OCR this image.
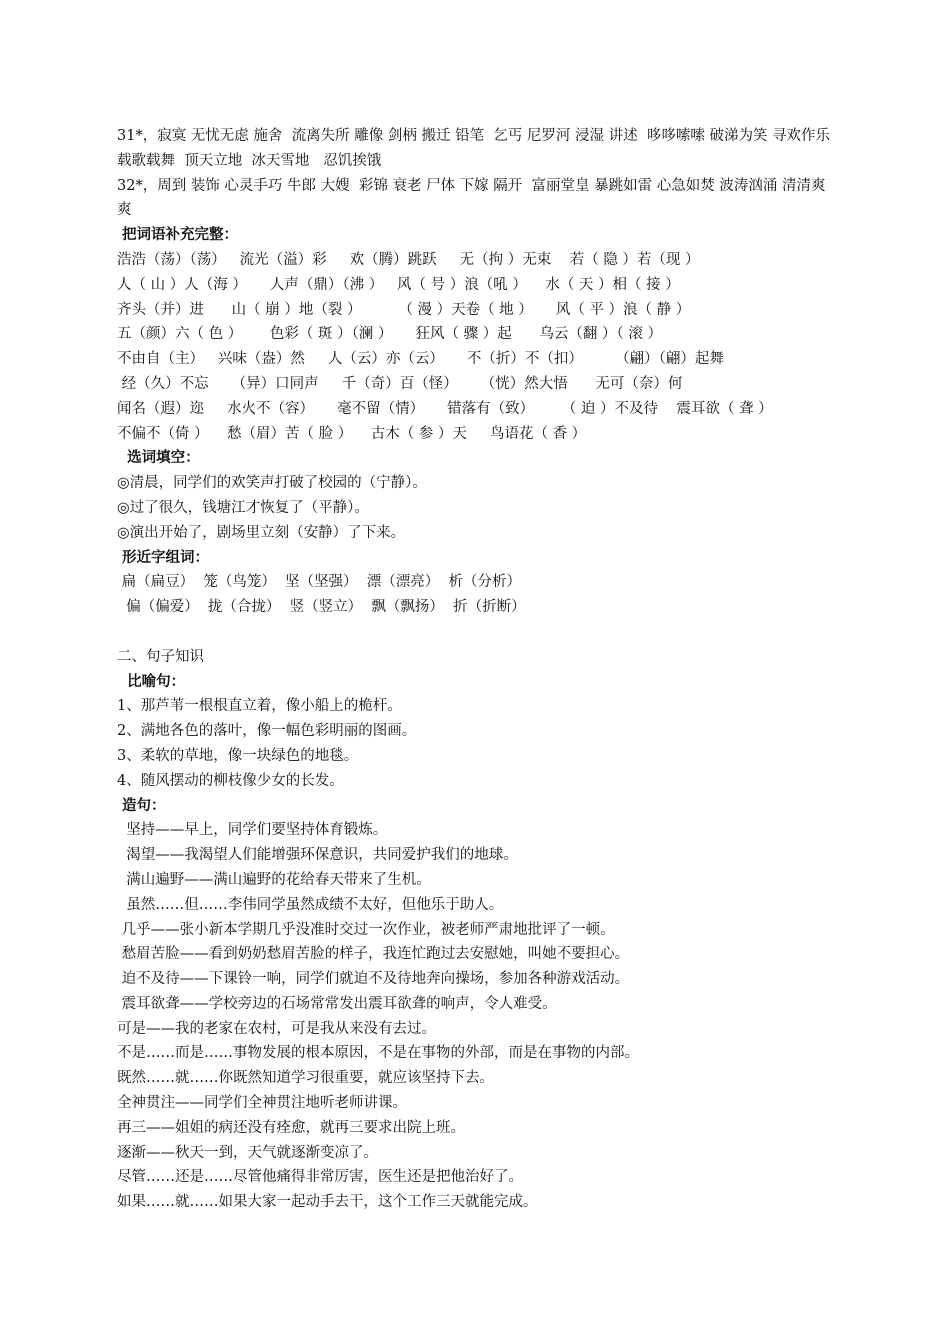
31*，寂寞 无忧无虑 施舍  流离失所 雕像 剑柄 搬迁 铅笔  乞丐 尼罗河 浸湿 讲述  哆哆嗦嗦 破涕为笑 寻欢作乐  载歌载舞  顶天立地  冰天雪地   忍饥挨饿
32*，周到 装饰 心灵手巧 牛郎 大嫂  彩锦 衰老 尸体 下嫁 隔开  富丽堂皇 暴跳如雷 心急如焚 波涛汹涌 清清爽爽
把词语补充完整：
浩浩（荡）（荡）   流光（溢）彩     欢（腾）跳跃     无（拘 ）无束    若（ 隐 ）若（现 ）
人（ 山 ）人（海 ）     人声（鼎）（沸 ）   风（ 号 ）浪（吼 ）    水（ 天 ）相（ 接 ）
齐头（并）进      山（ 崩 ）地（裂 ）        （ 漫 ）天卷（ 地 ）     风（ 平 ）浪（ 静 ）
五（颜）六（ 色 ）      色彩（ 斑 ）（澜 ）     狂风（ 骤 ）起      乌云（翻 ）（ 滚 ）
不由自（主）   兴味（盎）然     人（云）亦（云）     不（折）不（扣）       （翩）（翩）起舞
经（久）不忘     （异）口同声     千（奇）百（怪）     （恍）然大悟      无可（奈）何
闻名（遐）迩     水火不（容）     毫不留（情）     错落有（致）      （ 迫 ）不及待    震耳欲（ 聋 ）
不偏不（倚 ）    愁（眉）苦（ 脸 ）    古木（ 参 ）天     鸟语花（ 香 ）
选词填空：
◎清晨，同学们的欢笑声打破了校园的（宁静）。
◎过了很久，钱塘江才恢复了（平静）。
◎演出开始了，剧场里立刻（安静）了下来。
形近字组词：
扁（扁豆）  笼（鸟笼）  坚（坚强）  漂（漂亮）  析（分析）
偏（偏爱）  拢（合拢）  竖（竖立）  飘（飘扬）  折（折断）
二、句子知识
比喻句：
1、那芦苇一根根直立着，像小船上的桅杆。
2、满地各色的落叶，像一幅色彩明丽的图画。
3、柔软的草地，像一块绿色的地毯。
4、随风摆动的柳枝像少女的长发。
造句：
坚持——早上，同学们要坚持体育锻炼。
渴望——我渴望人们能增强环保意识，共同爱护我们的地球。
满山遍野——满山遍野的花给春天带来了生机。
虽然……但……李伟同学虽然成绩不太好，但他乐于助人。
几乎——张小新本学期几乎没准时交过一次作业，被老师严肃地批评了一顿。
愁眉苦脸——看到奶奶愁眉苦脸的样子，我连忙跑过去安慰她，叫她不要担心。
迫不及待——下课铃一响，同学们就迫不及待地奔向操场，参加各种游戏活动。
震耳欲聋——学校旁边的石场常常发出震耳欲聋的响声，令人难受。
可是——我的老家在农村，可是我从来没有去过。
不是……而是……事物发展的根本原因，不是在事物的外部，而是在事物的内部。
既然……就……你既然知道学习很重要，就应该坚持下去。
全神贯注——同学们全神贯注地听老师讲课。
再三——姐姐的病还没有痊愈，就再三要求出院上班。
逐渐——秋天一到，天气就逐渐变凉了。
尽管……还是……尽管他痛得非常厉害，医生还是把他治好了。
如果……就……如果大家一起动手去干，这个工作三天就能完成。
